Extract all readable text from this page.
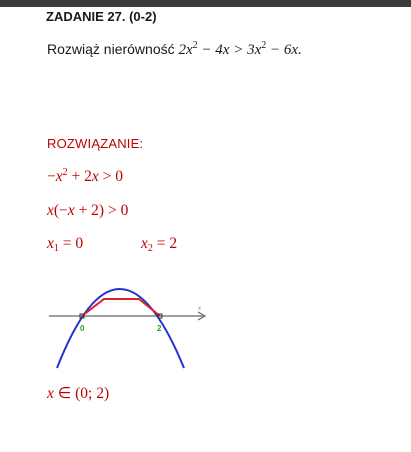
ZADANIE 27. (0-2)
Rozwiąż nierówność $2x^2 - 4x > 3x^2 - 6x$.
ROZWIĄZANIE:
$-x^2 + 2x > 0$
x(−x + 2) > 0
$x_1 = 0$	$x_2 = 2$
x
0	2
x ∈ (0; 2)
